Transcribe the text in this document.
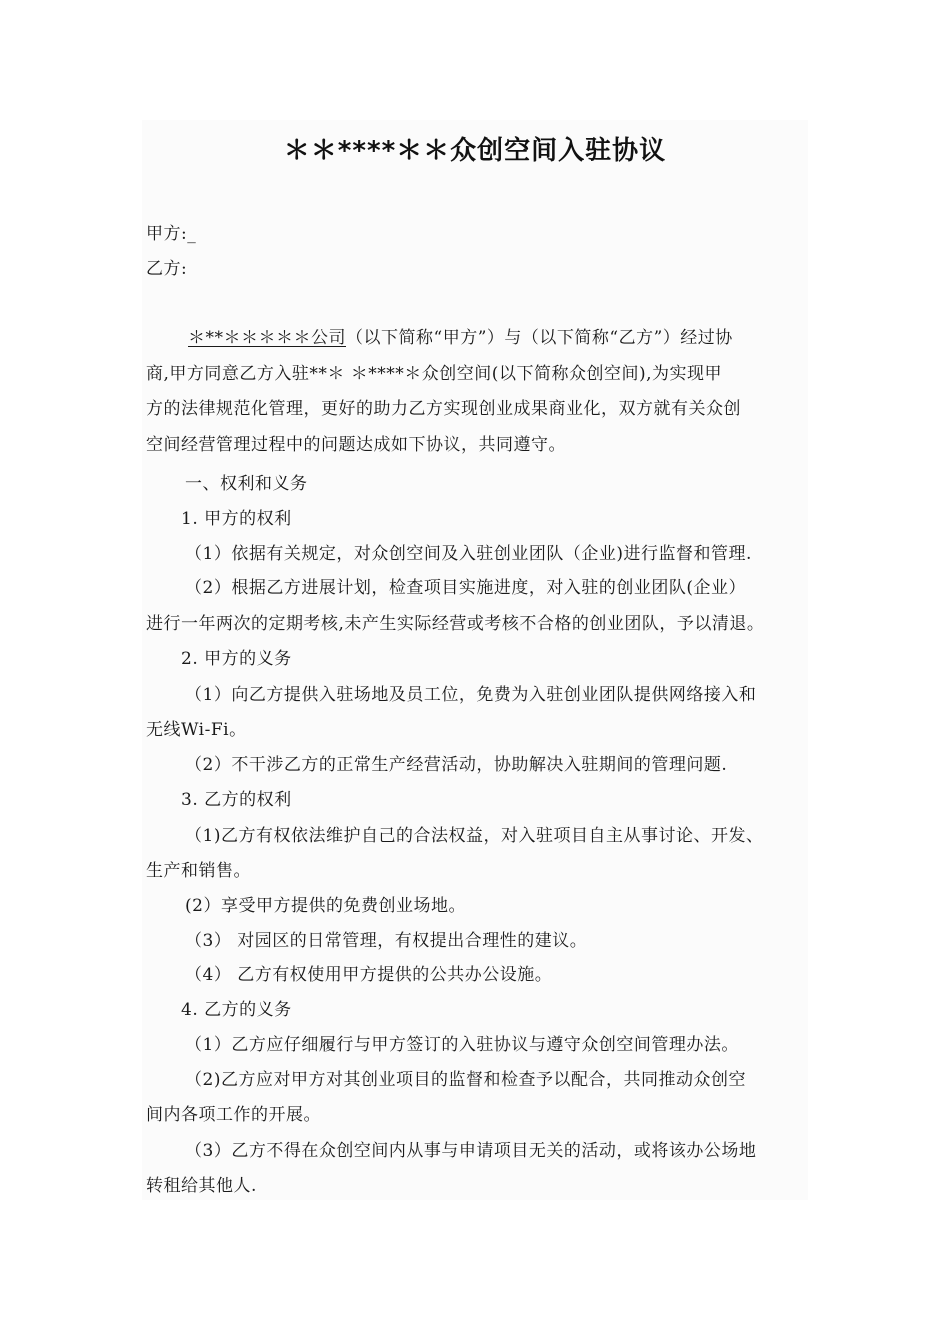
＊＊****＊＊众创空间入驻协议
甲方:_
乙方:
＊**＊＊＊＊＊公司（以下简称“甲方”）与（以下简称“乙方”）经过协
商,甲方同意乙方入驻**＊ ＊****＊众创空间(以下简称众创空间),为实现甲
方的法律规范化管理，更好的助力乙方实现创业成果商业化，双方就有关众创
空间经营管理过程中的问题达成如下协议，共同遵守。
一、权利和义务
1. 甲方的权利
（1）依据有关规定，对众创空间及入驻创业团队（企业)进行监督和管理.
（2）根据乙方进展计划，检查项目实施进度，对入驻的创业团队(企业）
进行一年两次的定期考核,未产生实际经营或考核不合格的创业团队，予以清退。
2. 甲方的义务
（1）向乙方提供入驻场地及员工位，免费为入驻创业团队提供网络接入和
无线Wi-Fi。
（2）不干涉乙方的正常生产经营活动，协助解决入驻期间的管理问题.
3. 乙方的权利
（1)乙方有权依法维护自己的合法权益，对入驻项目自主从事讨论、开发、
生产和销售。
(2）享受甲方提供的免费创业场地。
（3） 对园区的日常管理，有权提出合理性的建议。
（4） 乙方有权使用甲方提供的公共办公设施。
4. 乙方的义务
（1）乙方应仔细履行与甲方签订的入驻协议与遵守众创空间管理办法。
（2)乙方应对甲方对其创业项目的监督和检查予以配合，共同推动众创空
间内各项工作的开展。
（3）乙方不得在众创空间内从事与申请项目无关的活动，或将该办公场地
转租给其他人.
